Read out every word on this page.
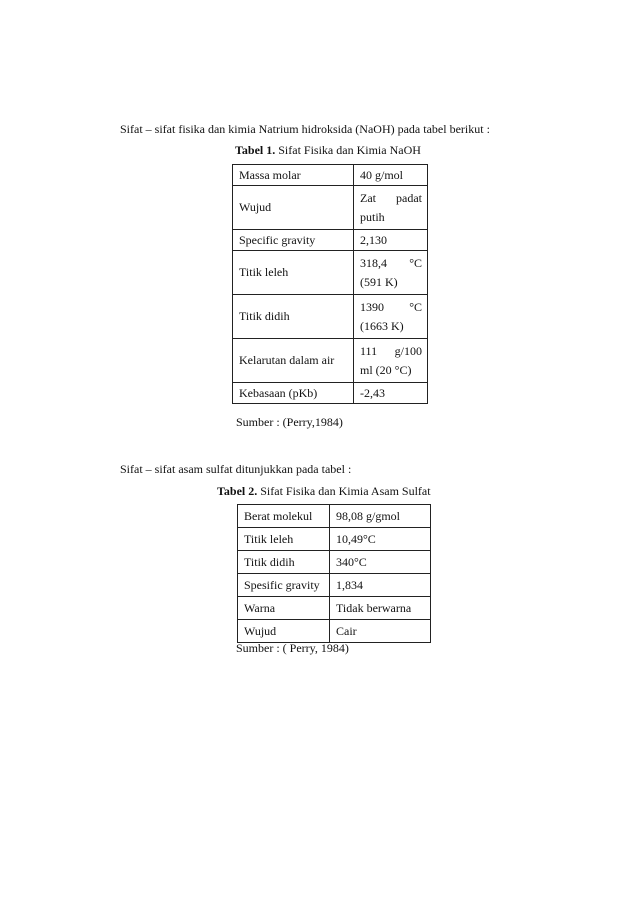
Sifat – sifat fisika dan kimia Natrium hidroksida (NaOH) pada tabel berikut :
Tabel 1. Sifat Fisika dan Kimia NaOH
Massa molar	40 g/mol

Wujud	Zat padat
putih

Specific gravity	2,130

Titik leleh	318,4 °C
(591 K)

Titik didih	1390 °C
(1663 K)

Kelarutan dalam air	111 g/100
ml (20 °C)

Kebasaan (pKb)	-2,43
Sumber : (Perry,1984)
Sifat – sifat asam sulfat ditunjukkan pada tabel :
Tabel 2. Sifat Fisika dan Kimia Asam Sulfat
Berat molekul	98,08 g/gmol
Titik leleh	10,49°C
Titik didih	340°C
Spesific gravity	1,834
Warna	Tidak berwarna
Wujud	Cair
Sumber : ( Perry, 1984)
